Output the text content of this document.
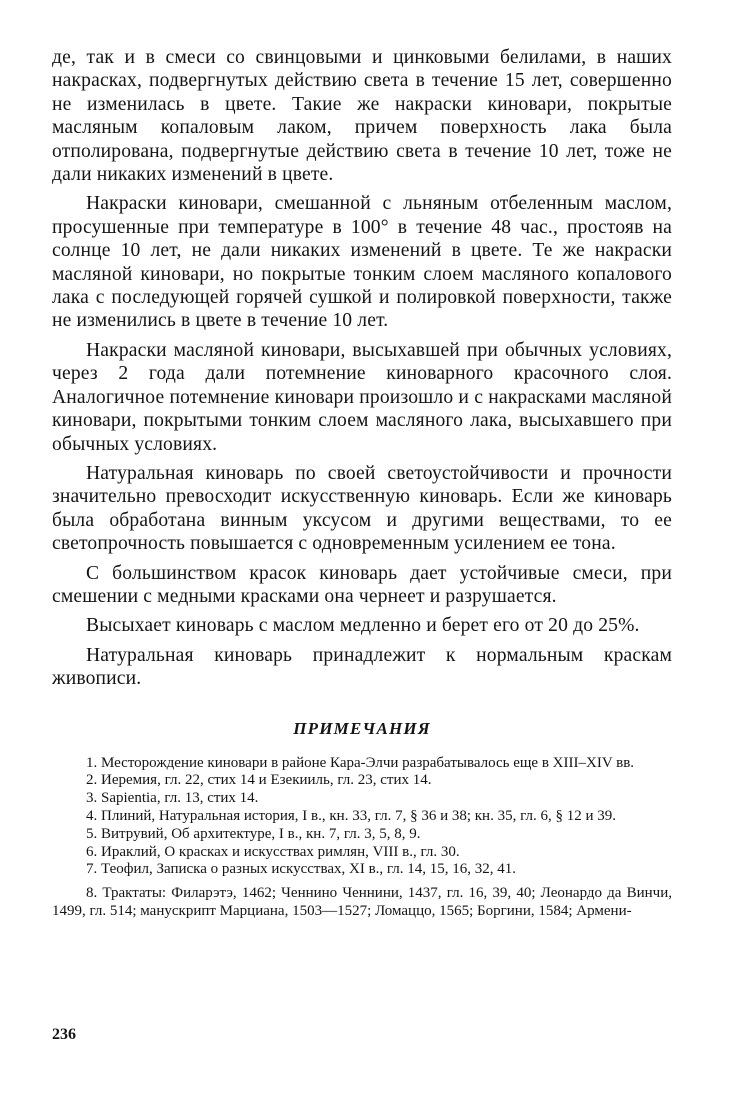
де, так и в смеси со свинцовыми и цинковыми белилами, в наших накрасках, подвергнутых действию света в течение 15 лет, совершенно не изменилась в цвете. Такие же накраски киновари, покрытые масляным копаловым лаком, причем поверхность лака была отполирована, подвергнутые действию света в течение 10 лет, тоже не дали никаких изменений в цвете.

Накраски киновари, смешанной с льняным отбеленным маслом, просушенные при температуре в 100° в течение 48 час., простояв на солнце 10 лет, не дали никаких изменений в цвете. Те же накраски масляной киновари, но покрытые тонким слоем масляного копалового лака с последующей горячей сушкой и полировкой поверхности, также не изменились в цвете в течение 10 лет.

Накраски масляной киновари, высыхавшей при обычных условиях, через 2 года дали потемнение киноварного красочного слоя. Аналогичное потемнение киновари произошло и с накрасками масляной киновари, покрытыми тонким слоем масляного лака, высыхавшего при обычных условиях.

Натуральная киноварь по своей светоустойчивости и прочности значительно превосходит искусственную киноварь. Если же киноварь была обработана винным уксусом и другими веществами, то ее светопрочность повышается с одновременным усилением ее тона.

С большинством красок киноварь дает устойчивые смеси, при смешении с медными красками она чернеет и разрушается.

Высыхает киноварь с маслом медленно и берет его от 20 до 25%.

Натуральная киноварь принадлежит к нормальным краскам живописи.

ПРИМЕЧАНИЯ

1. Месторождение киновари в районе Кара-Элчи разрабатывалось еще в XIII–XIV вв.

2. Иеремия, гл. 22, стих 14 и Езекииль, гл. 23, стих 14.

3. Sapientia, гл. 13, стих 14.

4. Плиний, Натуральная история, I в., кн. 33, гл. 7, § 36 и 38; кн. 35, гл. 6, § 12 и 39.

5. Витрувий, Об архитектуре, I в., кн. 7, гл. 3, 5, 8, 9.

6. Ираклий, О красках и искусствах римлян, VIII в., гл. 30.

7. Теофил, Записка о разных искусствах, XI в., гл. 14, 15, 16, 32, 41.

8. Трактаты: Филарэтэ, 1462; Ченнино Ченнини, 1437, гл. 16, 39, 40; Леонардо да Винчи, 1499, гл. 514; манускрипт Марциана, 1503—1527; Ломаццо, 1565; Боргини, 1584; Армени-

236
